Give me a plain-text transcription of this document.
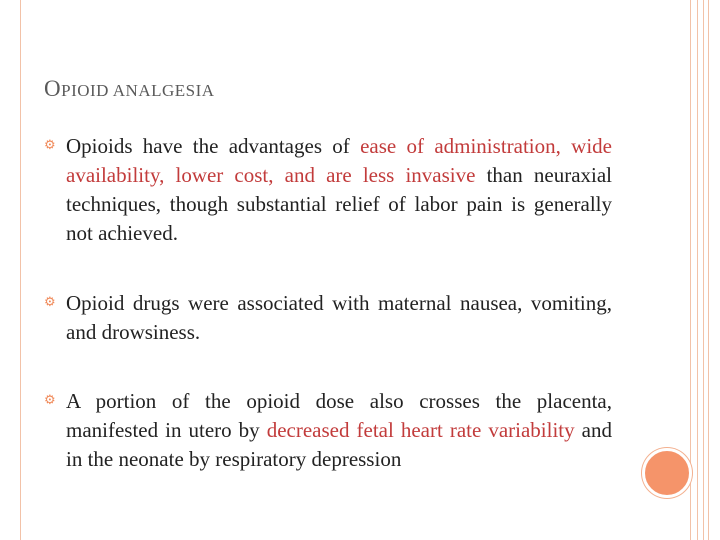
OPIOID ANALGESIA
⚙ Opioids have the advantages of ease of administration, wide availability, lower cost, and are less invasive than neuraxial techniques, though substantial relief of labor pain is generally not achieved.
⚙ Opioid drugs were associated with maternal nausea, vomiting, and drowsiness.
⚙ A portion of the opioid dose also crosses the placenta, manifested in utero by decreased fetal heart rate variability and in the neonate by respiratory depression
